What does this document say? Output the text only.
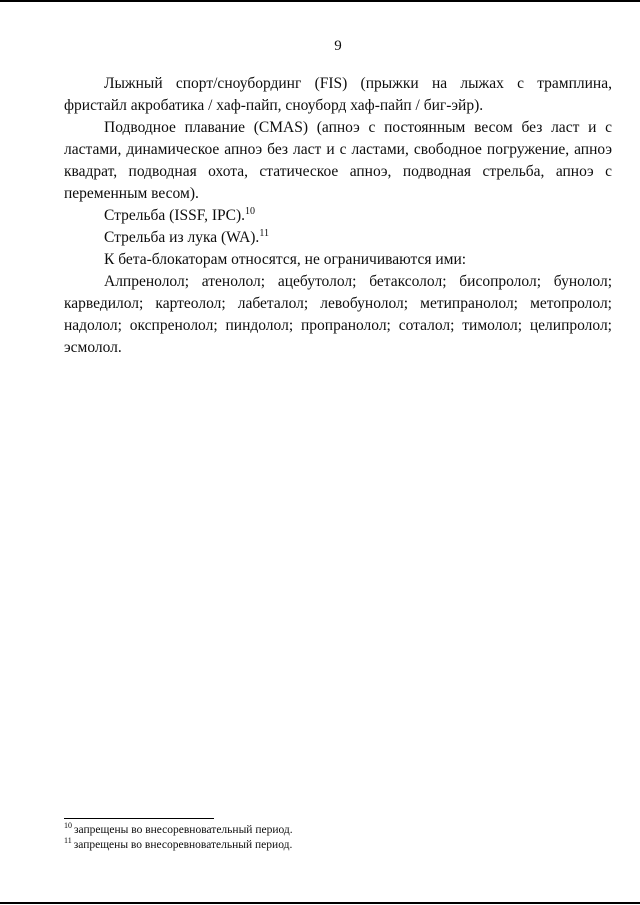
9

Лыжный спорт/сноубординг (FIS) (прыжки на лыжах с трамплина, фристайл акробатика / хаф-пайп, сноуборд хаф-пайп / биг-эйр).

Подводное плавание (CMAS) (апноэ с постоянным весом без ласт и с ластами, динамическое апноэ без ласт и с ластами, свободное погружение, апноэ квадрат, подводная охота, статическое апноэ, подводная стрельба, апноэ с переменным весом).

Стрельба (ISSF, IPC).$^{10}$

Стрельба из лука (WA).$^{11}$

К бета-блокаторам относятся, не ограничиваются ими:

Алпренолол; атенолол; ацебутолол; бетаксолол; бисопролол; бунолол; карведилол; картеолол; лабеталол; левобунолол; метипранолол; метопролол; надолол; окспренолол; пиндолол; пропранолол; соталол; тимолол; целипролол; эсмолол.

$^{10}$ запрещены во внесоревновательный период.

$^{11}$ запрещены во внесоревновательный период.
